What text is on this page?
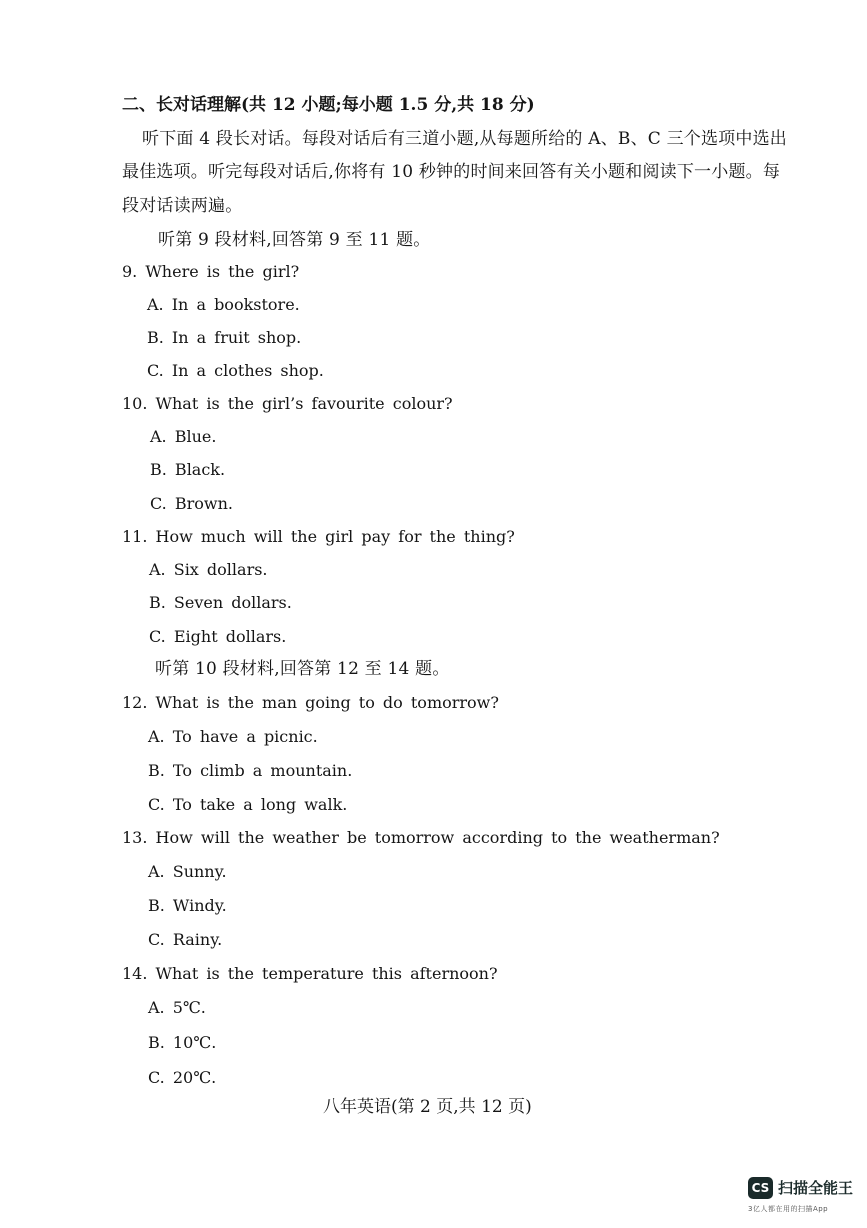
二、长对话理解(共 12 小题;每小题 1.5 分,共 18 分)
听下面 4 段长对话。每段对话后有三道小题,从每题所给的 A、B、C 三个选项中选出
最佳选项。听完每段对话后,你将有 10 秒钟的时间来回答有关小题和阅读下一小题。每
段对话读两遍。
听第 9 段材料,回答第 9 至 11 题。
9. Where is the girl?
A. In a bookstore.
B. In a fruit shop.
C. In a clothes shop.
10. What is the girl’s favourite colour?
A. Blue.
B. Black.
C. Brown.
11. How much will the girl pay for the thing?
A. Six dollars.
B. Seven dollars.
C. Eight dollars.
听第 10 段材料,回答第 12 至 14 题。
12. What is the man going to do tomorrow?
A. To have a picnic.
B. To climb a mountain.
C. To take a long walk.
13. How will the weather be tomorrow according to the weatherman?
A. Sunny.
B. Windy.
C. Rainy.
14. What is the temperature this afternoon?
A. 5℃.
B. 10℃.
C. 20℃.
八年英语(第 2 页,共 12 页)
CS 扫描全能王
3亿人都在用的扫描App
